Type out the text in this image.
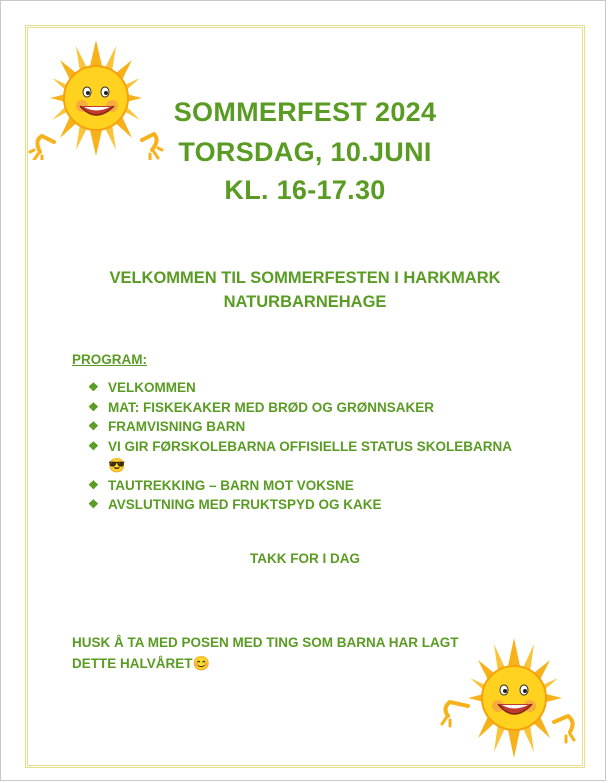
SOMMERFEST 2024
TORSDAG, 10.JUNI
KL. 16-17.30
VELKOMMEN TIL SOMMERFESTEN I HARKMARK
NATURBARNEHAGE
PROGRAM:
❖ VELKOMMEN
❖ MAT: FISKEKAKER MED BRØD OG GRØNNSAKER
❖ FRAMVISNING BARN
❖ VI GIR FØRSKOLEBARNA OFFISIELLE STATUS SKOLEBARNA
😎
❖ TAUTREKKING – BARN MOT VOKSNE
❖ AVSLUTNING MED FRUKTSPYD OG KAKE
TAKK FOR I DAG
HUSK Å TA MED POSEN MED TING SOM BARNA HAR LAGT
DETTE HALVÅRET😊
